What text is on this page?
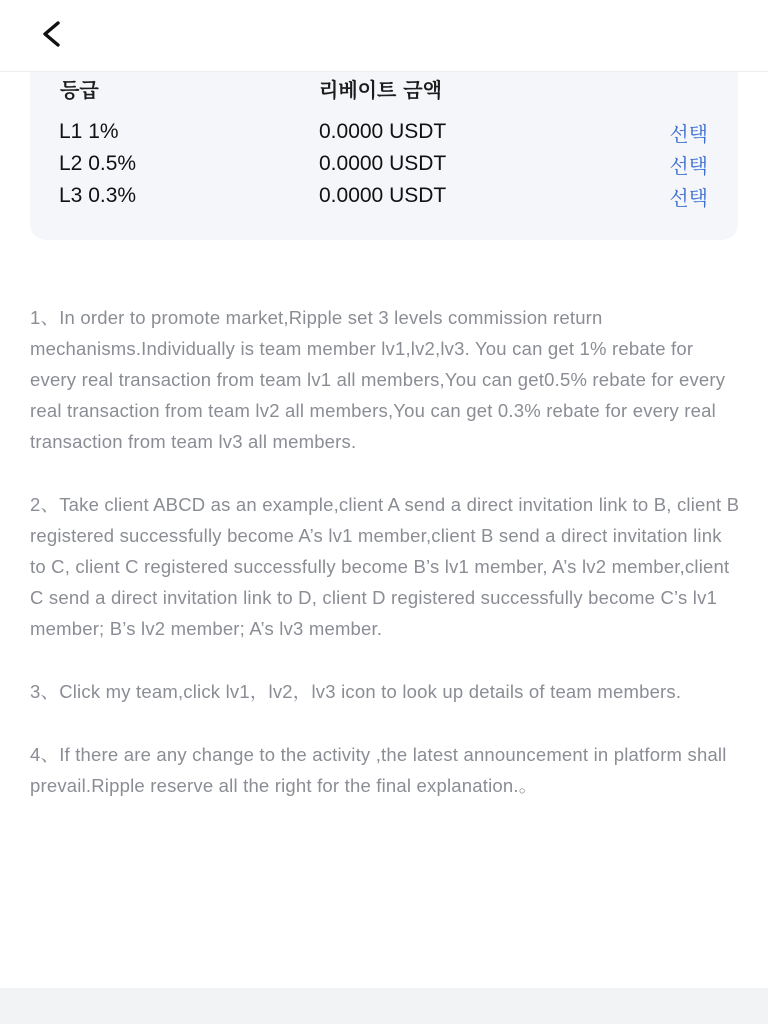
등급	리베이트 금액
L1 1%	0.0000 USDT	선택
L2 0.5%	0.0000 USDT	선택
L3 0.3%	0.0000 USDT	선택

1、In order to promote market,Ripple set 3 levels commission return mechanisms.Individually is team member lv1,lv2,lv3. You can get 1% rebate for every real transaction from team lv1 all members,You can get0.5% rebate for every real transaction from team lv2 all members,You can get 0.3% rebate for every real transaction from team lv3 all members.

2、Take client ABCD as an example,client A send a direct invitation link to B, client B registered successfully become A’s lv1 member,client B send a direct invitation link to C, client C registered successfully become B’s lv1 member, A’s lv2 member,client C send a direct invitation link to D, client D registered successfully become C’s lv1 member; B’s lv2 member; A’s lv3 member.

3、Click my team,click lv1，lv2，lv3 icon to look up details of team members.

4、If there are any change to the activity ,the latest announcement in platform shall prevail.Ripple reserve all the right for the final explanation.。
